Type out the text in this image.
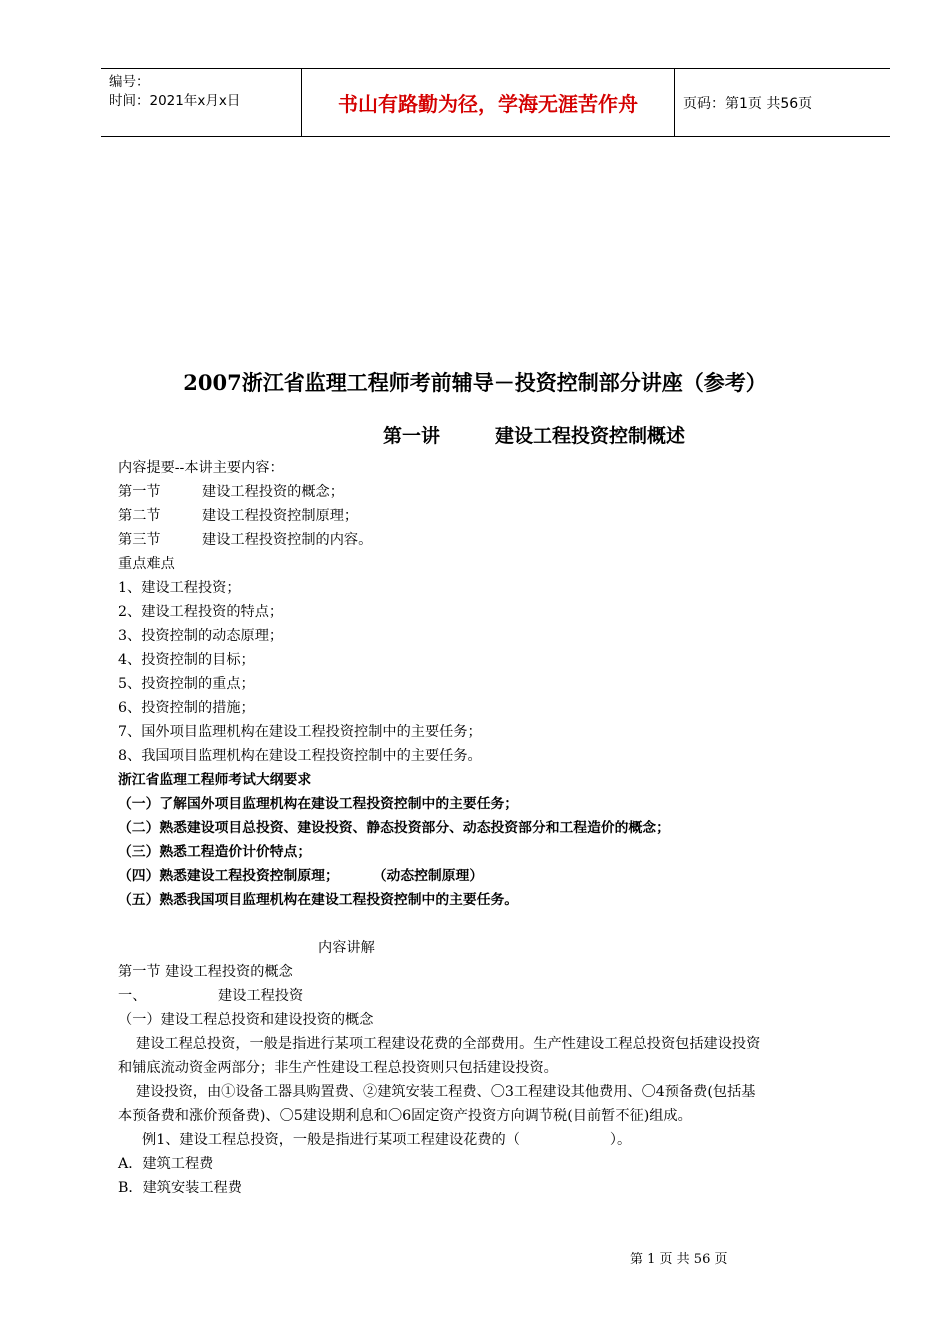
编号：
时间：2021年x月x日	书山有路勤为径，学海无涯苦作舟	页码：第1页 共56页
2007浙江省监理工程师考前辅导－投资控制部分讲座（参考）
第一讲	建设工程投资控制概述
内容提要--本讲主要内容：
第一节	建设工程投资的概念；
第二节	建设工程投资控制原理；
第三节	建设工程投资控制的内容。
重点难点
1、建设工程投资；
2、建设工程投资的特点；
3、投资控制的动态原理；
4、投资控制的目标；
5、投资控制的重点；
6、投资控制的措施；
7、国外项目监理机构在建设工程投资控制中的主要任务；
8、我国项目监理机构在建设工程投资控制中的主要任务。
浙江省监理工程师考试大纲要求
（一）了解国外项目监理机构在建设工程投资控制中的主要任务；
（二）熟悉建设项目总投资、建设投资、静态投资部分、动态投资部分和工程造价的概念；
（三）熟悉工程造价计价特点；
（四）熟悉建设工程投资控制原理； （动态控制原理）
（五）熟悉我国项目监理机构在建设工程投资控制中的主要任务。
内容讲解
第一节 建设工程投资的概念
一、	建设工程投资
（一）建设工程总投资和建设投资的概念
建设工程总投资，一般是指进行某项工程建设花费的全部费用。生产性建设工程总投资包括建设投资
和铺底流动资金两部分；非生产性建设工程总投资则只包括建设投资。
建设投资，由①设备工器具购置费、②建筑安装工程费、〇3工程建设其他费用、〇4预备费(包括基
本预备费和涨价预备费)、〇5建设期利息和〇6固定资产投资方向调节税(目前暂不征)组成。
例1、建设工程总投资，一般是指进行某项工程建设花费的（	）。
A．建筑工程费
B．建筑安装工程费
第 1 页 共 56 页
